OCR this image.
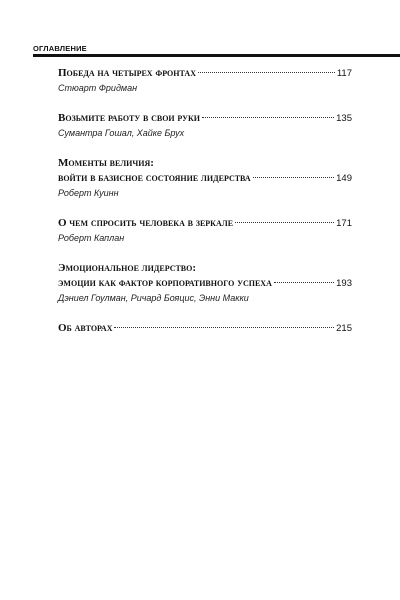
ОГЛАВЛЕНИЕ
Победа на четырех фронтах	117
Стюарт Фридман
Возьмите работу в свои руки	135
Сумантра Гошал, Хайке Брух
Моменты величия:
войти в базисное состояние лидерства	149
Роберт Куинн
О чем спросить человека в зеркале	171
Роберт Каплан
Эмоциональное лидерство:
эмоции как фактор корпоративного успеха	193
Дэниел Гоулман, Ричард Бояцис, Энни Макки
Об авторах	215
